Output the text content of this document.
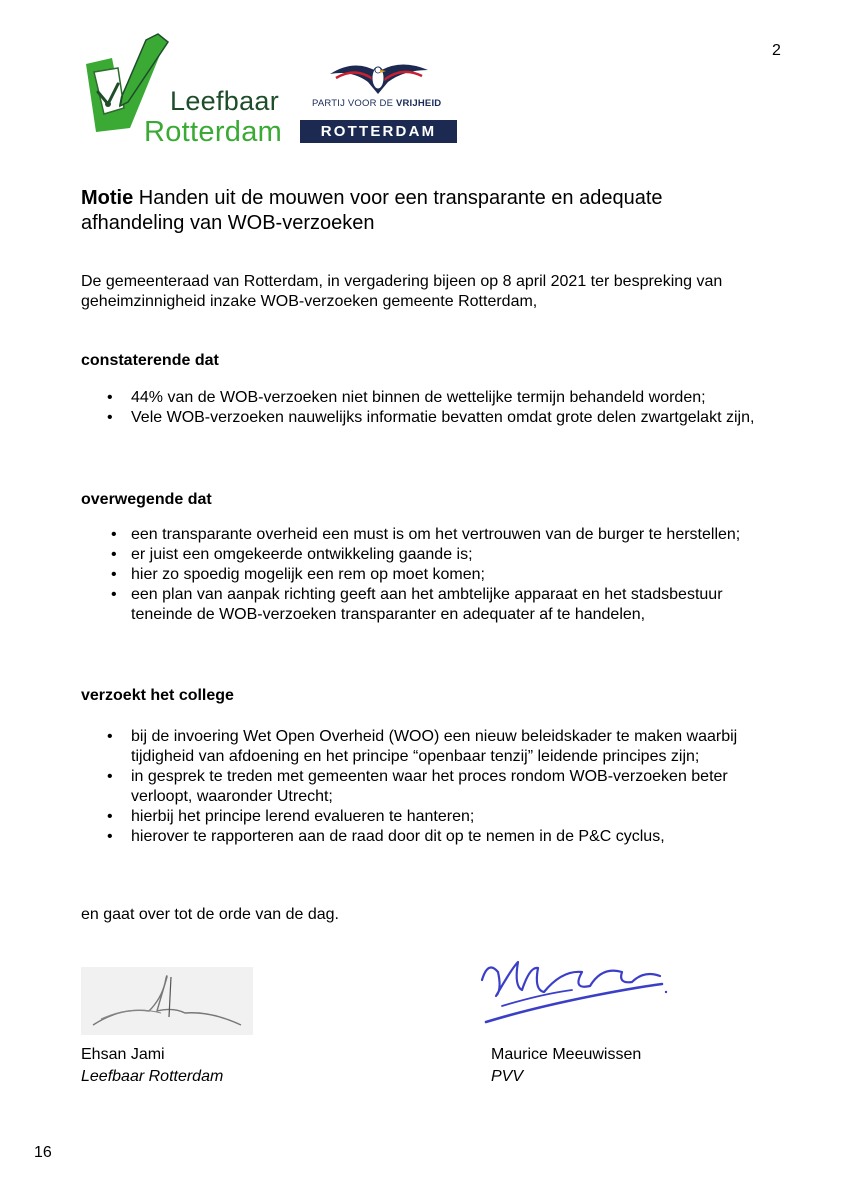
2
Leefbaar
Rotterdam
PARTIJ VOOR DE VRIJHEID
ROTTERDAM
Motie Handen uit de mouwen voor een transparante en adequate afhandeling van WOB-verzoeken
De gemeenteraad van Rotterdam, in vergadering bijeen op 8 april 2021 ter bespreking van geheimzinnigheid inzake WOB-verzoeken gemeente Rotterdam,
constaterende dat
• 44% van de WOB-verzoeken niet binnen de wettelijke termijn behandeld worden;
• Vele WOB-verzoeken nauwelijks informatie bevatten omdat grote delen zwartgelakt zijn,
overwegende dat
• een transparante overheid een must is om het vertrouwen van de burger te herstellen;
• er juist een omgekeerde ontwikkeling gaande is;
• hier zo spoedig mogelijk een rem op moet komen;
• een plan van aanpak richting geeft aan het ambtelijke apparaat en het stadsbestuur teneinde de WOB-verzoeken transparanter en adequater af te handelen,
verzoekt het college
• bij de invoering Wet Open Overheid (WOO) een nieuw beleidskader te maken waarbij tijdigheid van afdoening en het principe “openbaar tenzij” leidende principes zijn;
• in gesprek te treden met gemeenten waar het proces rondom WOB-verzoeken beter verloopt, waaronder Utrecht;
• hierbij het principe lerend evalueren te hanteren;
• hierover te rapporteren aan de raad door dit op te nemen in de P&C cyclus,
en gaat over tot de orde van de dag.
Ehsan Jami
Leefbaar Rotterdam
Maurice Meeuwissen
PVV
16
